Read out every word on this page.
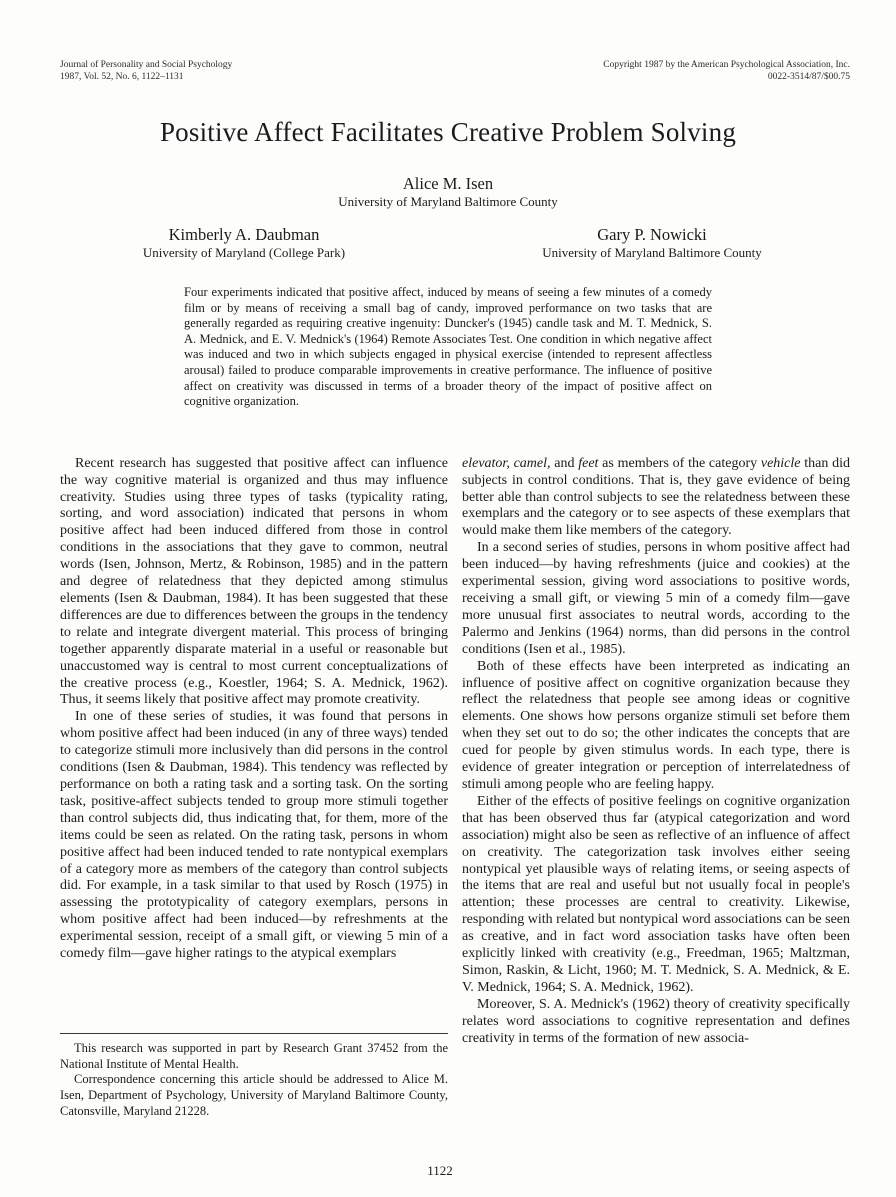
Journal of Personality and Social Psychology
1987, Vol. 52, No. 6, 1122–1131
Copyright 1987 by the American Psychological Association, Inc.
0022-3514/87/$00.75
Positive Affect Facilitates Creative Problem Solving
Alice M. Isen
University of Maryland Baltimore County
Kimberly A. Daubman
University of Maryland (College Park)
Gary P. Nowicki
University of Maryland Baltimore County
Four experiments indicated that positive affect, induced by means of seeing a few minutes of a comedy film or by means of receiving a small bag of candy, improved performance on two tasks that are generally regarded as requiring creative ingenuity: Duncker's (1945) candle task and M. T. Mednick, S. A. Mednick, and E. V. Mednick's (1964) Remote Associates Test. One condition in which negative affect was induced and two in which subjects engaged in physical exercise (intended to represent affectless arousal) failed to produce comparable improvements in creative performance. The influence of positive affect on creativity was discussed in terms of a broader theory of the impact of positive affect on cognitive organization.

Recent research has suggested that positive affect can influence the way cognitive material is organized and thus may influence creativity. Studies using three types of tasks (typicality rating, sorting, and word association) indicated that persons in whom positive affect had been induced differed from those in control conditions in the associations that they gave to common, neutral words (Isen, Johnson, Mertz, & Robinson, 1985) and in the pattern and degree of relatedness that they depicted among stimulus elements (Isen & Daubman, 1984). It has been suggested that these differences are due to differences between the groups in the tendency to relate and integrate divergent material. This process of bringing together apparently disparate material in a useful or reasonable but unaccustomed way is central to most current conceptualizations of the creative process (e.g., Koestler, 1964; S. A. Mednick, 1962). Thus, it seems likely that positive affect may promote creativity.

In one of these series of studies, it was found that persons in whom positive affect had been induced (in any of three ways) tended to categorize stimuli more inclusively than did persons in the control conditions (Isen & Daubman, 1984). This tendency was reflected by performance on both a rating task and a sorting task. On the sorting task, positive-affect subjects tended to group more stimuli together than control subjects did, thus indicating that, for them, more of the items could be seen as related. On the rating task, persons in whom positive affect had been induced tended to rate nontypical exemplars of a category more as members of the category than control subjects did. For example, in a task similar to that used by Rosch (1975) in assessing the prototypicality of category exemplars, persons in whom positive affect had been induced—by refreshments at the experimental session, receipt of a small gift, or viewing 5 min of a comedy film—gave higher ratings to the atypical exemplars

This research was supported in part by Research Grant 37452 from the National Institute of Mental Health.

Correspondence concerning this article should be addressed to Alice M. Isen, Department of Psychology, University of Maryland Baltimore County, Catonsville, Maryland 21228.

elevator, camel, and feet as members of the category vehicle than did subjects in control conditions. That is, they gave evidence of being better able than control subjects to see the relatedness between these exemplars and the category or to see aspects of these exemplars that would make them like members of the category.

In a second series of studies, persons in whom positive affect had been induced—by having refreshments (juice and cookies) at the experimental session, giving word associations to positive words, receiving a small gift, or viewing 5 min of a comedy film—gave more unusual first associates to neutral words, according to the Palermo and Jenkins (1964) norms, than did persons in the control conditions (Isen et al., 1985).

Both of these effects have been interpreted as indicating an influence of positive affect on cognitive organization because they reflect the relatedness that people see among ideas or cognitive elements. One shows how persons organize stimuli set before them when they set out to do so; the other indicates the concepts that are cued for people by given stimulus words. In each type, there is evidence of greater integration or perception of interrelatedness of stimuli among people who are feeling happy.

Either of the effects of positive feelings on cognitive organization that has been observed thus far (atypical categorization and word association) might also be seen as reflective of an influence of affect on creativity. The categorization task involves either seeing nontypical yet plausible ways of relating items, or seeing aspects of the items that are real and useful but not usually focal in people's attention; these processes are central to creativity. Likewise, responding with related but nontypical word associations can be seen as creative, and in fact word association tasks have often been explicitly linked with creativity (e.g., Freedman, 1965; Maltzman, Simon, Raskin, & Licht, 1960; M. T. Mednick, S. A. Mednick, & E. V. Mednick, 1964; S. A. Mednick, 1962).

Moreover, S. A. Mednick's (1962) theory of creativity specifically relates word associations to cognitive representation and defines creativity in terms of the formation of new associa-

1122
